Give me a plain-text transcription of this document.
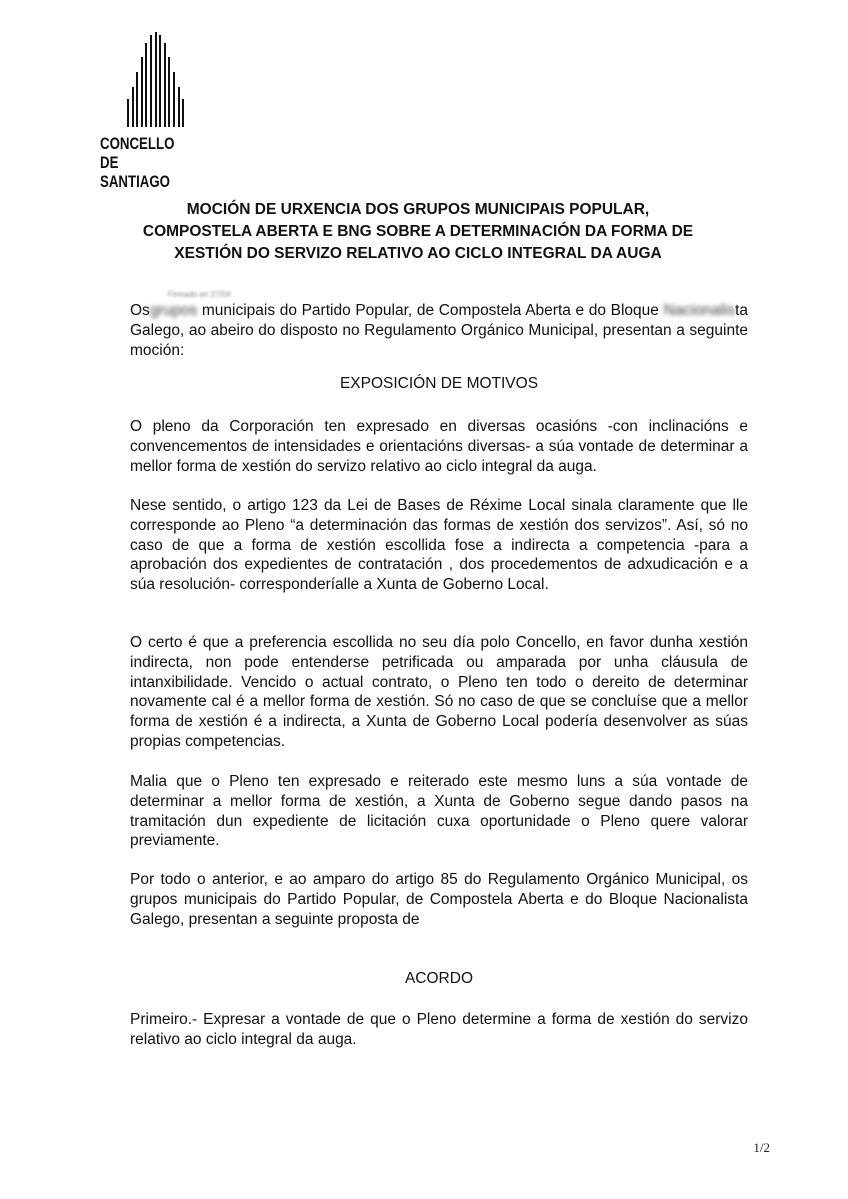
CONCELLO DE
SANTIAGO
MOCIÓN DE URXENCIA DOS GRUPOS MUNICIPAIS POPULAR,
COMPOSTELA ABERTA E BNG SOBRE A DETERMINACIÓN DA FORMA DE
XESTIÓN DO SERVIZO RELATIVO AO CICLO INTEGRAL DA AUGA
Firmado en 27/04

Osgrupos municipais do Partido Popular, de Compostela Aberta e do Bloque Nacionalista Galego, ao abeiro do disposto no Regulamento Orgánico Municipal, presentan a seguinte moción:

EXPOSICIÓN DE MOTIVOS

O pleno da Corporación ten expresado en diversas ocasións -con inclinacións e convencementos de intensidades e orientacións diversas- a súa vontade de determinar a mellor forma de xestión do servizo relativo ao ciclo integral da auga.

Nese sentido, o artigo 123 da Lei de Bases de Réxime Local sinala claramente que lle corresponde ao Pleno “a determinación das formas de xestión dos servizos”. Así, só no caso de que a forma de xestión escollida fose a indirecta a competencia -para a aprobación dos expedientes de contratación , dos procedementos de adxudicación e a súa resolución- corresponderíalle a Xunta de Goberno Local.

O certo é que a preferencia escollida no seu día polo Concello, en favor dunha xestión indirecta, non pode entenderse petrificada ou amparada por unha cláusula de intanxibilidade. Vencido o actual contrato, o Pleno ten todo o dereito de determinar novamente cal é a mellor forma de xestión. Só no caso de que se concluíse que a mellor forma de xestión é a indirecta, a Xunta de Goberno Local podería desenvolver as súas propias competencias.

Malia que o Pleno ten expresado e reiterado este mesmo luns a súa vontade de determinar a mellor forma de xestión, a Xunta de Goberno segue dando pasos na tramitación dun expediente de licitación cuxa oportunidade o Pleno quere valorar previamente.

Por todo o anterior, e ao amparo do artigo 85 do Regulamento Orgánico Municipal, os grupos municipais do Partido Popular, de Compostela Aberta e do Bloque Nacionalista Galego, presentan a seguinte proposta de

ACORDO

Primeiro.- Expresar a vontade de que o Pleno determine a forma de xestión do servizo relativo ao ciclo integral da auga.

1/2
